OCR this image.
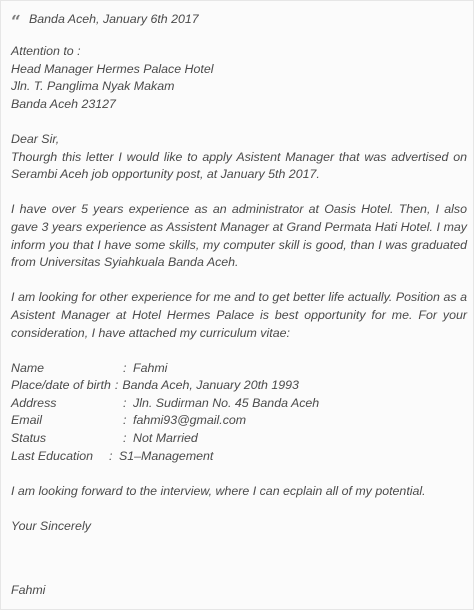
“ Banda Aceh, January 6th 2017
Attention to :
Head Manager Hermes Palace Hotel
Jln. T. Panglima Nyak Makam
Banda Aceh 23127
Dear Sir,
Thourgh this letter I would like to apply Asistent Manager that was advertised on Serambi Aceh job opportunity post, at January 5th 2017.
I have over 5 years experience as an administrator at Oasis Hotel. Then, I also gave 3 years experience as Assistent Manager at Grand Permata Hati Hotel. I may inform you that I have some skills, my computer skill is good, than I was graduated from Universitas Syiahkuala Banda Aceh.
I am looking for other experience for me and to get better life actually. Position as a Asistent Manager at Hotel Hermes Palace is best opportunity for me. For your consideration, I have attached my curriculum vitae:
Name	: Fahmi
Place/date of birth : Banda Aceh, January 20th 1993
Address	: Jln. Sudirman No. 45 Banda Aceh
Email	: fahmi93@gmail.com
Status	: Not Married
Last Education	: S1–Management
I am looking forward to the interview, where I can ecplain all of my potential.
Your Sincerely
Fahmi
